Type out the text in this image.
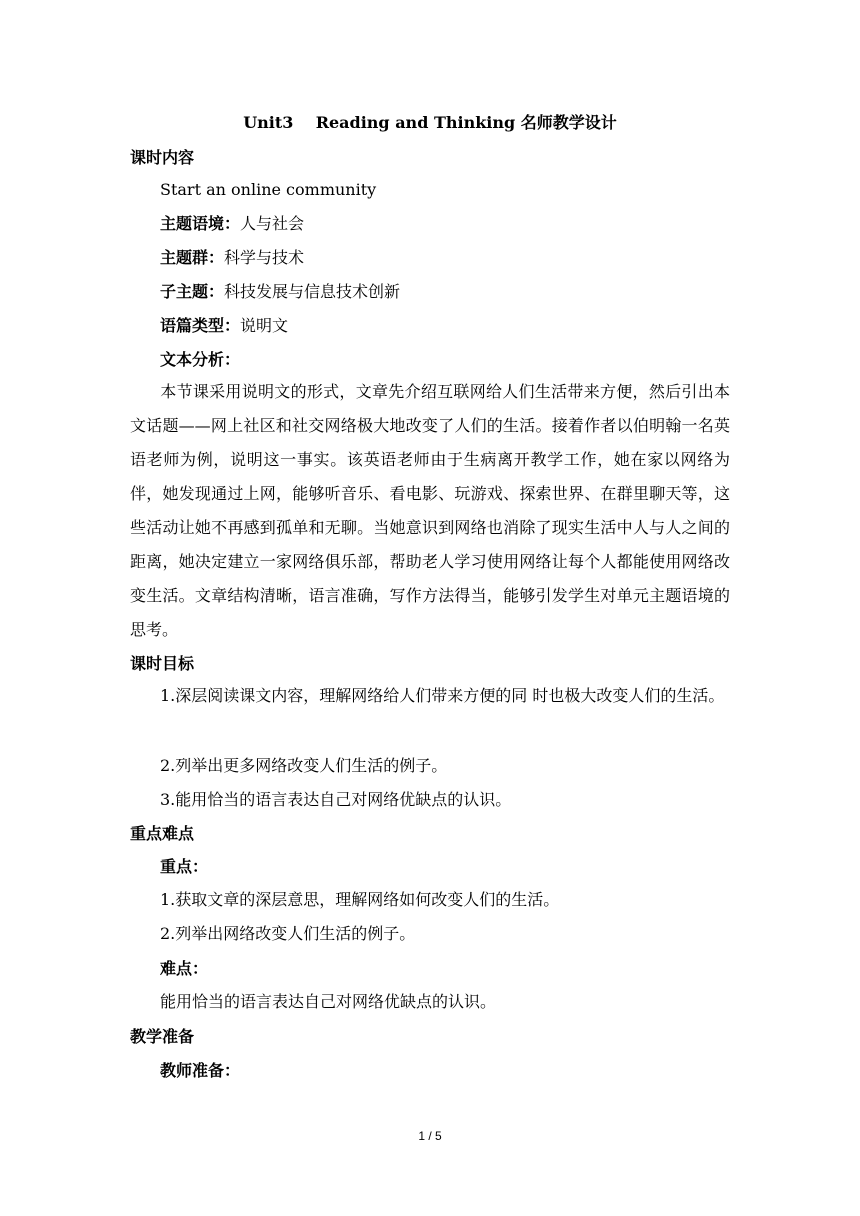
Unit3    Reading and Thinking 名师教学设计
课时内容
Start an online community
主题语境：人与社会
主题群：科学与技术
子主题：科技发展与信息技术创新
语篇类型：说明文
文本分析：
本节课采用说明文的形式，文章先介绍互联网给人们生活带来方便，然后引出本文话题——网上社区和社交网络极大地改变了人们的生活。接着作者以伯明翰一名英语老师为例，说明这一事实。该英语老师由于生病离开教学工作，她在家以网络为伴，她发现通过上网，能够听音乐、看电影、玩游戏、探索世界、在群里聊天等，这些活动让她不再感到孤单和无聊。当她意识到网络也消除了现实生活中人与人之间的距离，她决定建立一家网络俱乐部，帮助老人学习使用网络让每个人都能使用网络改变生活。文章结构清晰，语言准确，写作方法得当，能够引发学生对单元主题语境的思考。
课时目标
1.深层阅读课文内容，理解网络给人们带来方便的同 时也极大改变人们的生活。
2.列举出更多网络改变人们生活的例子。
3.能用恰当的语言表达自己对网络优缺点的认识。
重点难点
重点：
1.获取文章的深层意思，理解网络如何改变人们的生活。
2.列举出网络改变人们生活的例子。
难点：
能用恰当的语言表达自己对网络优缺点的认识。
教学准备
教师准备：
1 / 5
